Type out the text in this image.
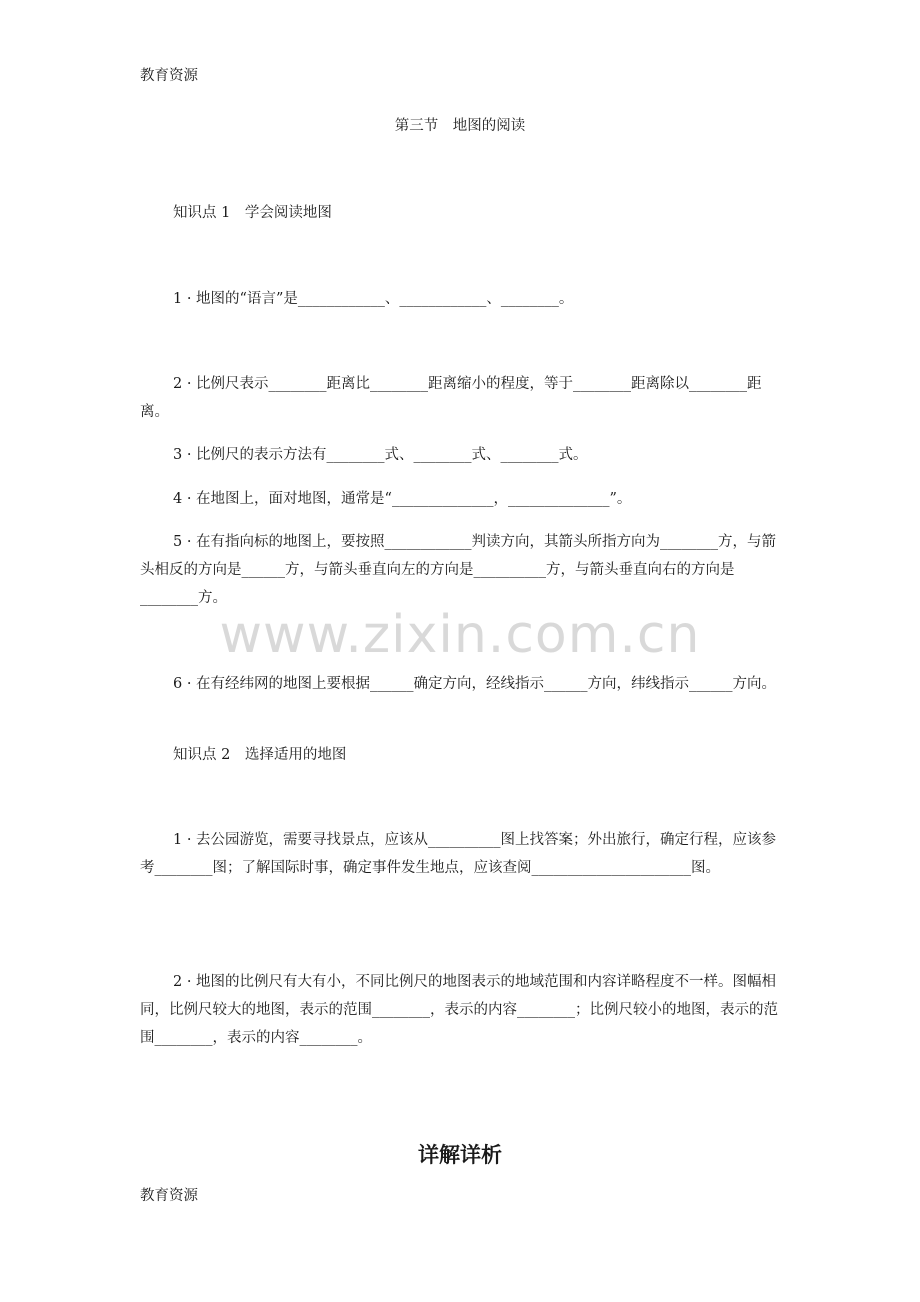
www.zixin.com.cn
教育资源
第三节　地图的阅读
知识点 1　学会阅读地图

1 · 地图的“语言”是____________、____________、________。

2 · 比例尺表示________距离比________距离缩小的程度，等于________距离除以________距离。

3 · 比例尺的表示方法有________式、________式、________式。

4 · 在地图上，面对地图，通常是“______________，______________”。

5 · 在有指向标的地图上，要按照____________判读方向，其箭头所指方向为________方，与箭头相反的方向是______方，与箭头垂直向左的方向是__________方，与箭头垂直向右的方向是________方。

6 · 在有经纬网的地图上要根据______确定方向，经线指示______方向，纬线指示______方向。

知识点 2　选择适用的地图

1 · 去公园游览，需要寻找景点，应该从__________图上找答案；外出旅行，确定行程，应该参考________图；了解国际时事，确定事件发生地点，应该查阅______________________图。

2 · 地图的比例尺有大有小，不同比例尺的地图表示的地域范围和内容详略程度不一样。图幅相同，比例尺较大的地图，表示的范围________，表示的内容________；比例尺较小的地图，表示的范围________，表示的内容________。

详解详析
教育资源
